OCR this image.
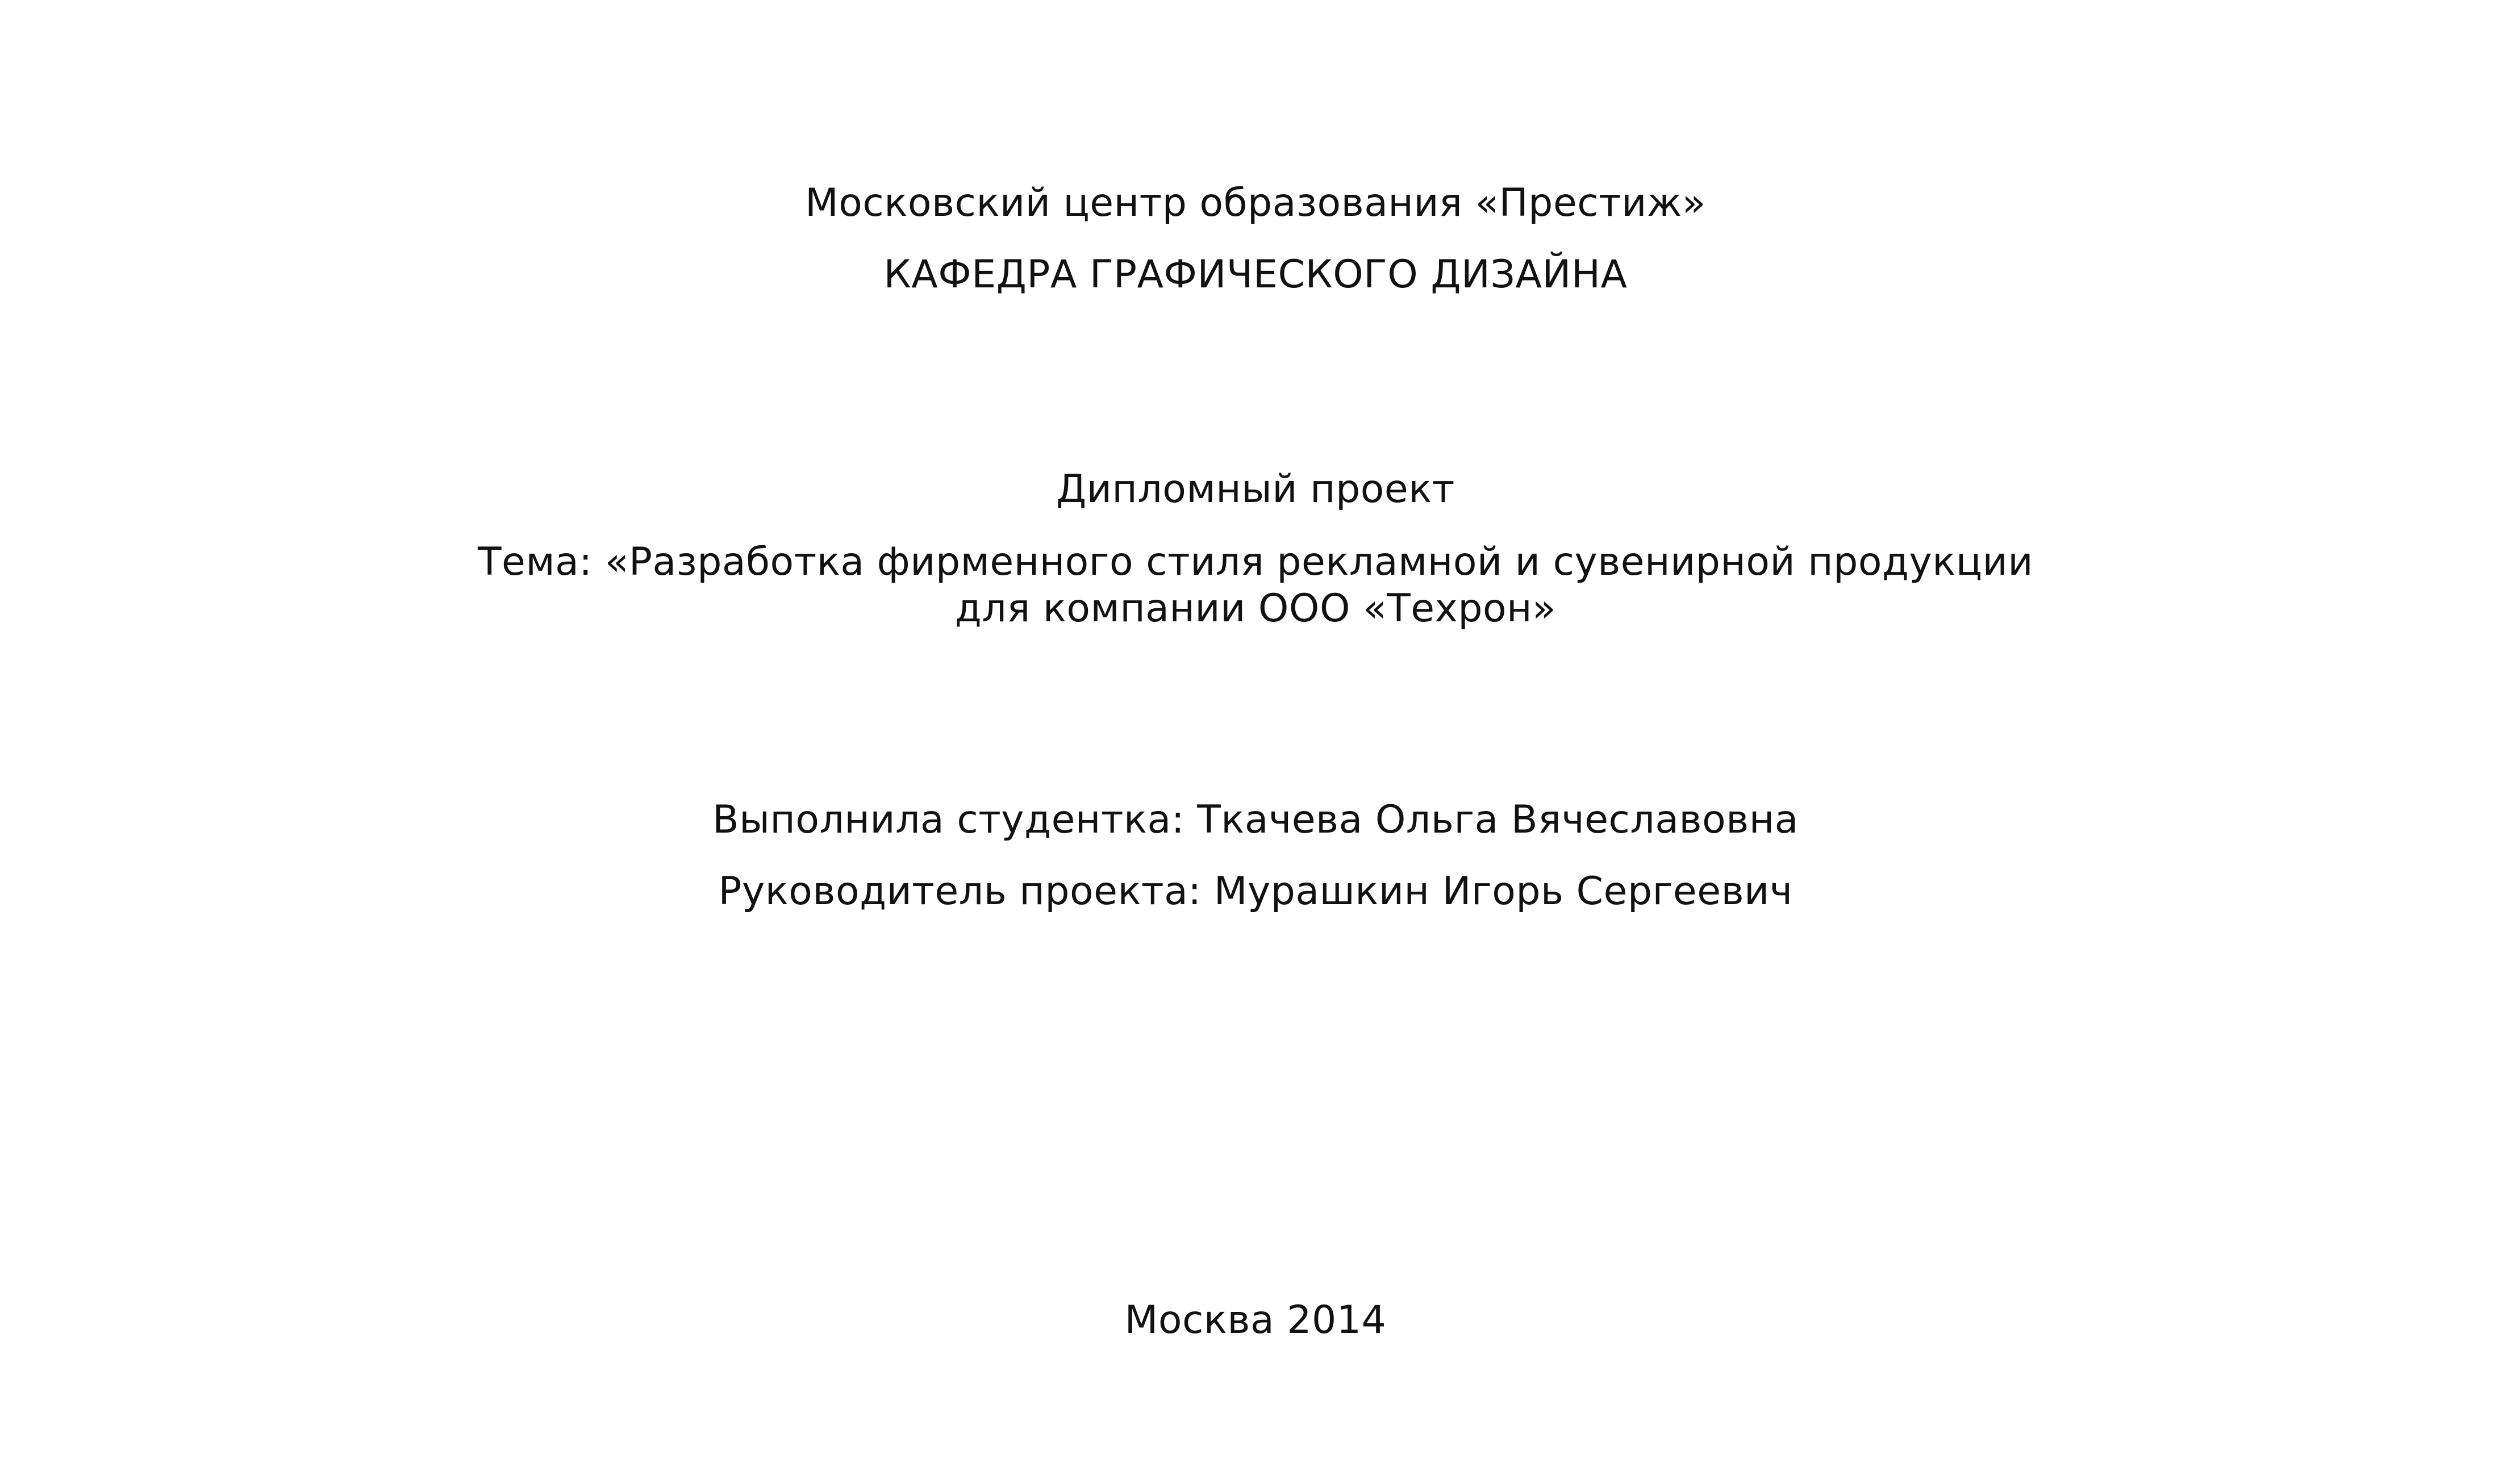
Московский центр образования «Престиж»
КАФЕДРА ГРАФИЧЕСКОГО ДИЗАЙНА
Дипломный проект
Тема: «Разработка фирменного стиля рекламной и сувенирной продукции
для компании ООО «Техрон»
Выполнила студентка: Ткачева Ольга Вячеславовна
Руководитель проекта: Мурашкин Игорь Сергеевич
Москва 2014
